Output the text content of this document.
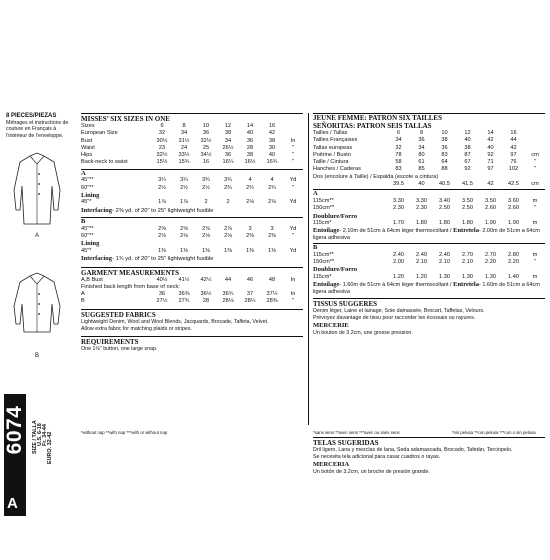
8 PIECES/PIEZAS
Métrages et instructions de couture en Français à l’intérieur de l’enveloppe.
A
B
6074
A
SIZE / TALLA U.S. 6-18 Fr. 34-44 EURO. 32-42
MISSES’ SIX SIZES IN ONE
Sizes	6	8	10	12	14	16	
European Size	32	34	36	38	40	42	
Bust	30½	31½	32½	34	36	38	In
Waist	23	24	25	26½	28	30	"
Hips	32½	33½	34½	36	38	40	"
Back-neck to waist	15½	15¾	16	16¼	16½	16¾	"
A
45"**	3¼	3¼	3¾	3¾	4	4	Yd
60"**	2½	2½	2½	2¾	2¾	2¾	"
Lining							
45"*	1⅞	1⅞	2	2	2⅛	2⅛	Yd
Interfacing- 2⅜ yd. of 20" to 25" lightweight fusible
B
45"**	2⅝	2⅝	2⅞	2⅞	3	3	Yd
60"**	2⅛	2⅛	2⅛	2⅛	2⅜	2⅜	"
Lining							
45"*	1⅜	1⅜	1⅜	1⅜	1⅜	1⅜	Yd
Interfacing- 1¾ yd. of 20" to 25" lightweight fusible
GARMENT MEASUREMENTS
A,B Bust	40½	41½	42½	44	46	48	In
Finished back length from base of neck:							
A	36	36⅜	36½	36¾	37	37¼	In
B	27½	27¾	28	28⅛	28¼	28⅜	"
SUGGESTED FABRICS
Lightweight Denim, Wool and Wool Blends, Jacquards, Brocade, Taffeta, Velvet.
Allow extra fabric for matching plaids or stripes.
REQUIREMENTS
One 1⅛" button, one large snap.
*without nap **with nap ***with or without nap
JEUNE FEMME: PATRON SIX TAILLES
SEÑORITAS: PATRON SEIS TALLAS
Tailles / Tallas	6	8	10	12	14	16	
Tailles Françaises	34	36	38	40	42	44	
Tallas europeas	32	34	36	38	40	42	
Poitrine / Busto	78	80	83	87	92	97	cm
Taille / Cintura	58	61	64	67	71	76	"
Hanches / Caderas	83	85	88	92	97	102	"
Dos (encolure à Taille) / Espalda (escote a cintura)							
	39.5	40	40.5	41.5	42	42.5	cm
A
115cm**	3.30	3.30	3.40	3.50	3.50	3.60	m
150cm**	2.30	2.30	2.50	2.50	2.60	2.60	"
Doublure/Forro							
115cm*	1.70	1.80	1.80	1.80	1.90	1.90	m
Entoilage- 2.10m de 51cm à 64cm léger thermocollant / Entretela- 2.00m de 51cm a 64cm ligera adhesiva
B
115cm**	2.40	2.40	2.40	2.70	2.70	2.80	m
150cm**	2.00	2.10	2.10	2.10	2.20	2.20	"
Doublure/Forro							
115cm*	1.20	1.20	1.30	1.30	1.30	1.40	m
Entoilage- 1.60m de 51cm à 64cm léger thermocollant / Entretela- 1.60m de 51cm a 64cm ligera adhesiva
TISSUS SUGGERES
Denim léger, Laine et lainage, Soie damassée, Brocart, Taffetas, Velours.
Prévoyez davantage de tissu pour raccorder les écossais ou rayures.
MERCERIE
Un bouton de 3.2cm, une grosse pression.
*sans sens **avec sens ***avec ou sans sens	*sin pelusa **con pelusa ***con o sin pelusa
TELAS SUGERIDAS
Dril ligero, Lana y mezclas de lana, Seda adamascada, Brocado, Tafetán, Terciopelo.
Se necesita tela adicional para casar cuadros o rayas.
MERCERIA
Un botón de 3.2cm, un broche de presión grande.
